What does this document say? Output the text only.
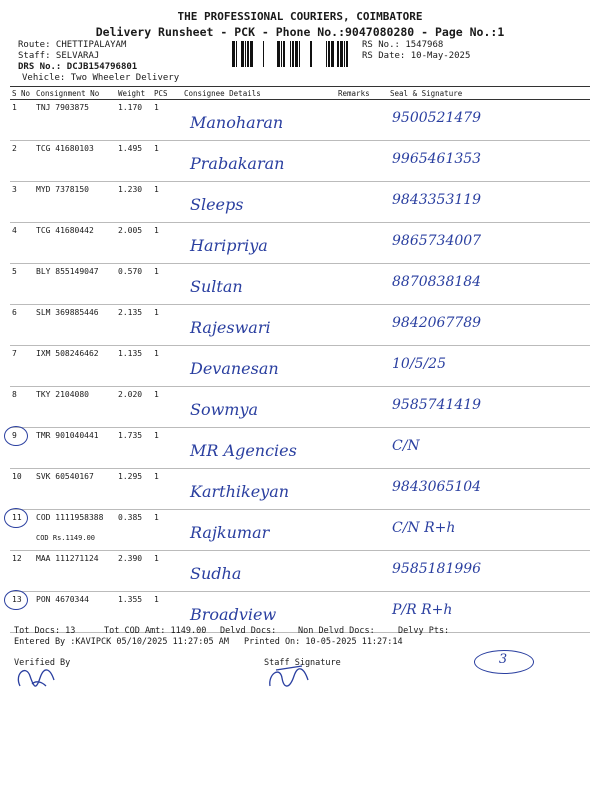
THE PROFESSIONAL COURIERS, COIMBATORE
Delivery Runsheet - PCK - Phone No.:9047080280 - Page No.:1
Route: CHETTIPALAYAM
Staff: SELVARAJ
DRS No.: DCJB154796801
Vehicle: Two Wheeler Delivery
RS No.: 1547968
RS Date: 10-May-2025
S No	Consignment No	Weight	PCS	Consignee Details	Remarks	Seal & Signature

1	TNJ 7903875	1.170	1	Manoharan		9500521479

2	TCG 41680103	1.495	1	Prabakaran		9965461353

3	MYD 7378150	1.230	1	Sleeps		9843353119

4	TCG 41680442	2.005	1	Haripriya		9865734007

5	BLY 855149047	0.570	1	Sultan		8870838184

6	SLM 369885446	2.135	1	Rajeswari		9842067789

7	IXM 508246462	1.135	1	Devanesan		10/5/25

8	TKY 2104080	2.020	1	Sowmya		9585741419

9	TMR 901040441	1.735	1	MR Agencies		C/N

10	SVK 60540167	1.295	1	Karthikeyan		9843065104

11	COD 1111958388
COD Rs.1149.00	0.385	1	Rajkumar		C/N R+h

12	MAA 111271124	2.390	1	Sudha		9585181996

13	PON 4670344	1.355	1	Broadview		P/R R+h
Tot Docs: 13	Tot COD Amt: 1149.00 Delvd Docs:	Non Delvd Docs:	Delvy Pts:
Entered By :KAVIPCK 05/10/2025 11:27:05 AM Printed On: 10-05-2025 11:27:14
Verified By	Staff Signature	3
